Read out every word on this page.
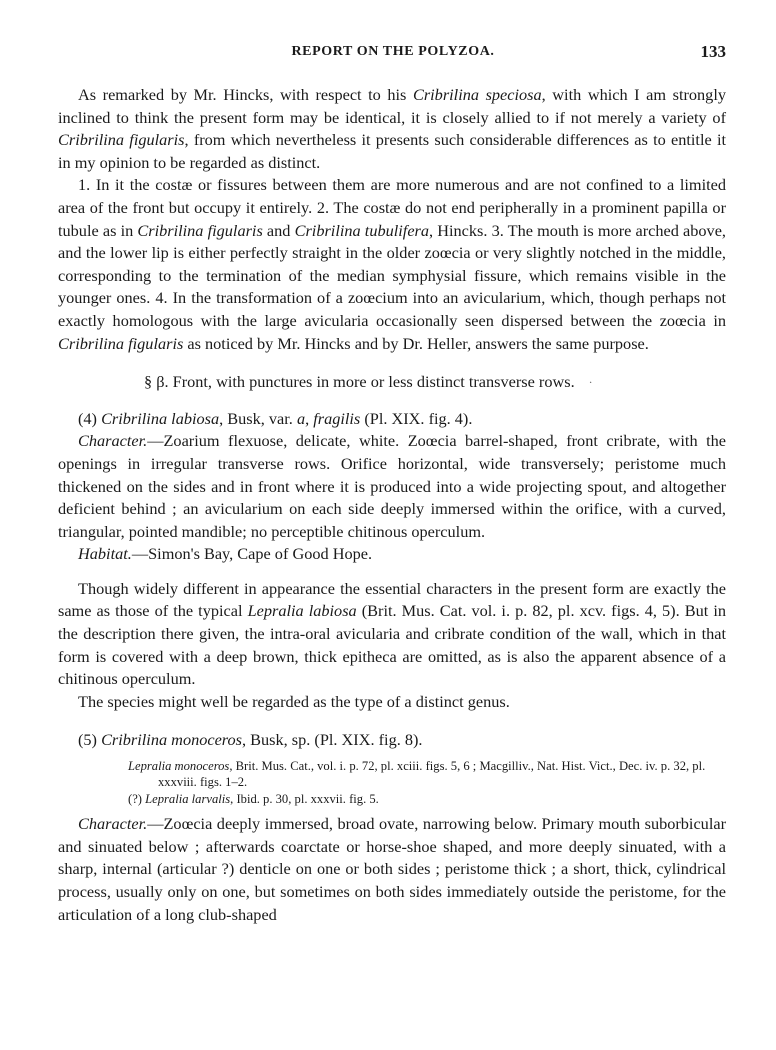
REPORT ON THE POLYZOA.	133

As remarked by Mr. Hincks, with respect to his Cribrilina speciosa, with which I am strongly inclined to think the present form may be identical, it is closely allied to if not merely a variety of Cribrilina figularis, from which nevertheless it presents such considerable differences as to entitle it in my opinion to be regarded as distinct.

1. In it the costæ or fissures between them are more numerous and are not confined to a limited area of the front but occupy it entirely. 2. The costæ do not end peripherally in a prominent papilla or tubule as in Cribrilina figularis and Cribrilina tubulifera, Hincks. 3. The mouth is more arched above, and the lower lip is either perfectly straight in the older zoœcia or very slightly notched in the middle, corresponding to the termination of the median symphysial fissure, which remains visible in the younger ones. 4. In the transformation of a zoœcium into an avicularium, which, though perhaps not exactly homologous with the large avicularia occasionally seen dispersed between the zoœcia in Cribrilina figularis as noticed by Mr. Hincks and by Dr. Heller, answers the same purpose.

§ β. Front, with punctures in more or less distinct transverse rows. ·

(4) Cribrilina labiosa, Busk, var. a, fragilis (Pl. XIX. fig. 4).

Character.—Zoarium flexuose, delicate, white. Zoœcia barrel-shaped, front cribrate, with the openings in irregular transverse rows. Orifice horizontal, wide transversely; peristome much thickened on the sides and in front where it is produced into a wide projecting spout, and altogether deficient behind ; an avicularium on each side deeply immersed within the orifice, with a curved, triangular, pointed mandible; no perceptible chitinous operculum.

Habitat.—Simon's Bay, Cape of Good Hope.

Though widely different in appearance the essential characters in the present form are exactly the same as those of the typical Lepralia labiosa (Brit. Mus. Cat. vol. i. p. 82, pl. xcv. figs. 4, 5). But in the description there given, the intra-oral avicularia and cribrate condition of the wall, which in that form is covered with a deep brown, thick epitheca are omitted, as is also the apparent absence of a chitinous operculum.

The species might well be regarded as the type of a distinct genus.

(5) Cribrilina monoceros, Busk, sp. (Pl. XIX. fig. 8).

Lepralia monoceros, Brit. Mus. Cat., vol. i. p. 72, pl. xciii. figs. 5, 6 ; Macgilliv., Nat. Hist. Vict., Dec. iv. p. 32, pl. xxxviii. figs. 1–2.

(?) Lepralia larvalis, Ibid. p. 30, pl. xxxvii. fig. 5.

Character.—Zoœcia deeply immersed, broad ovate, narrowing below. Primary mouth suborbicular and sinuated below ; afterwards coarctate or horse-shoe shaped, and more deeply sinuated, with a sharp, internal (articular ?) denticle on one or both sides ; peristome thick ; a short, thick, cylindrical process, usually only on one, but sometimes on both sides immediately outside the peristome, for the articulation of a long club-shaped
